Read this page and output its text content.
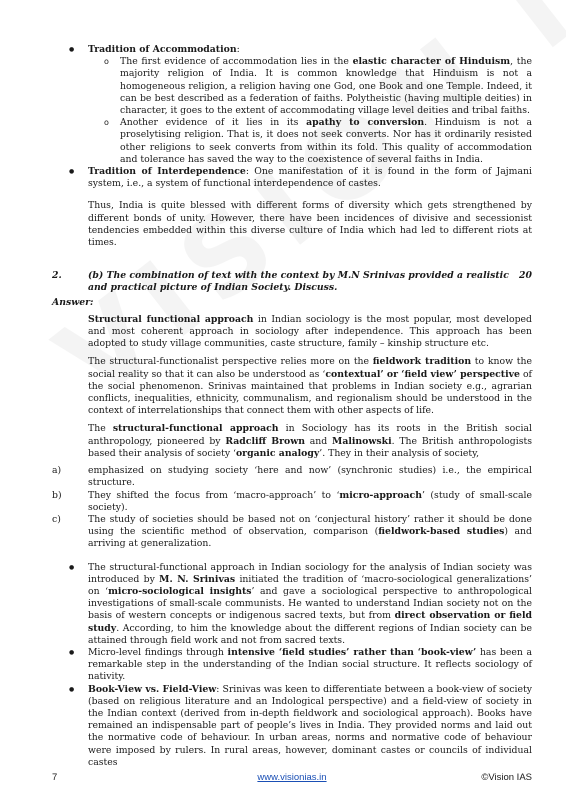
● Tradition of Accommodation:
o The first evidence of accommodation lies in the elastic character of Hinduism, the majority religion of India. It is common knowledge that Hinduism is not a homogeneous religion, a religion having one God, one Book and one Temple. Indeed, it can be best described as a federation of faiths. Polytheistic (having multiple deities) in character, it goes to the extent of accommodating village level deities and tribal faiths.
o Another evidence of it lies in its apathy to conversion. Hinduism is not a proselytising religion. That is, it does not seek converts. Nor has it ordinarily resisted other religions to seek converts from within its fold. This quality of accommodation and tolerance has saved the way to the coexistence of several faiths in India.
● Tradition of Interdependence: One manifestation of it is found in the form of Jajmani system, i.e., a system of functional interdependence of castes.

Thus, India is quite blessed with different forms of diversity which gets strengthened by different bonds of unity. However, there have been incidences of divisive and secessionist tendencies embedded within this diverse culture of India which had led to different riots at times.

2.	20
(b) The combination of text with the context by M.N Srinivas provided a realistic and practical picture of Indian Society. Discuss.
Answer:

Structural functional approach in Indian sociology is the most popular, most developed and most coherent approach in sociology after independence. This approach has been adopted to study village communities, caste structure, family – kinship structure etc.

The structural-functionalist perspective relies more on the fieldwork tradition to know the social reality so that it can also be understood as ‘contextual’ or ‘field view’ perspective of the social phenomenon. Srinivas maintained that problems in Indian society e.g., agrarian conflicts, inequalities, ethnicity, communalism, and regionalism should be understood in the context of interrelationships that connect them with other aspects of life.

The structural-functional approach in Sociology has its roots in the British social anthropology, pioneered by Radcliff Brown and Malinowski. The British anthropologists based their analysis of society ‘organic analogy’. They in their analysis of society,

a)	emphasized on studying society ‘here and now’ (synchronic studies) i.e., the empirical structure.
b)	They shifted the focus from ‘macro-approach’ to ‘micro-approach’ (study of small-scale society).
c)	The study of societies should be based not on ‘conjectural history’ rather it should be done using the scientific method of observation, comparison (fieldwork-based studies) and arriving at generalization.
● The structural-functional approach in Indian sociology for the analysis of Indian society was introduced by M. N. Srinivas initiated the tradition of ‘macro-sociological generalizations’ on ‘micro-sociological insights’ and gave a sociological perspective to anthropological investigations of small-scale communists. He wanted to understand Indian society not on the basis of western concepts or indigenous sacred texts, but from direct observation or field study. According, to him the knowledge about the different regions of Indian society can be attained through field work and not from sacred texts.
● Micro-level findings through intensive ‘field studies’ rather than ‘book-view’ has been a remarkable step in the understanding of the Indian social structure. It reflects sociology of nativity.
● Book-View vs. Field-View: Srinivas was keen to differentiate between a book-view of society (based on religious literature and an Indological perspective) and a field-view of society in the Indian context (derived from in-depth fieldwork and sociological approach). Books have remained an indispensable part of people’s lives in India. They provided norms and laid out the normative code of behaviour. In urban areas, norms and normative code of behaviour were imposed by rulers. In rural areas, however, dominant castes or councils of individual castes
7	www.visionias.in	©Vision IAS
